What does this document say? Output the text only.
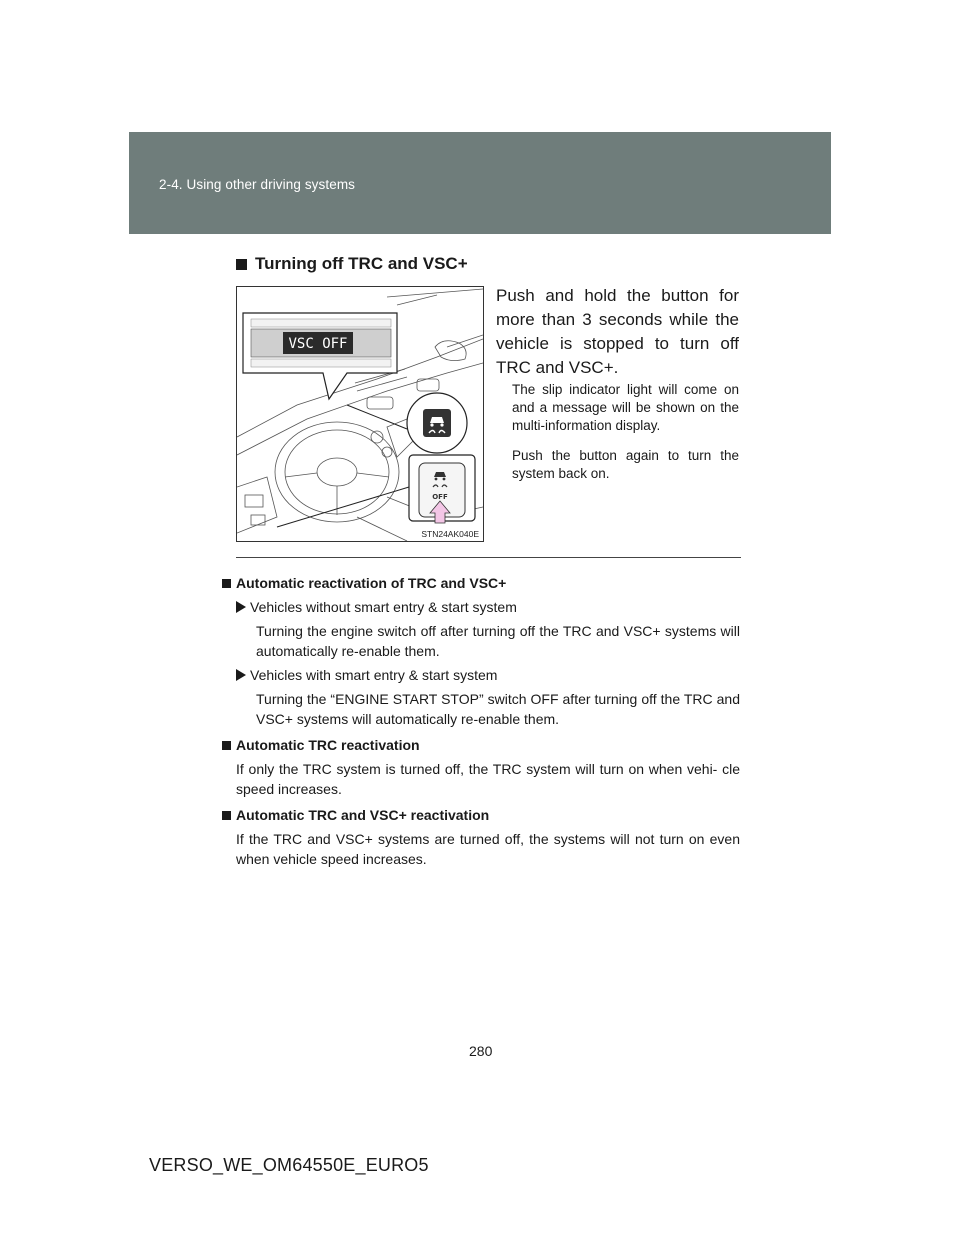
2-4. Using other driving systems
Turning off TRC and VSC+
VSC OFF
OFF
STN24AK040E
Push and hold the button for more than 3 seconds while the vehicle is stopped to turn off TRC and VSC+.
The slip indicator light will come on and a message will be shown on the multi-information display.
Push the button again to turn the system back on.
Automatic reactivation of TRC and VSC+
Vehicles without smart entry & start system
Turning the engine switch off after turning off the TRC and VSC+ systems will automatically re-enable them.
Vehicles with smart entry & start system
Turning the “ENGINE START STOP” switch OFF after turning off the TRC and VSC+ systems will automatically re-enable them.
Automatic TRC reactivation
If only the TRC system is turned off, the TRC system will turn on when vehi- cle speed increases.
Automatic TRC and VSC+ reactivation
If the TRC and VSC+ systems are turned off, the systems will not turn on even when vehicle speed increases.
280
VERSO_WE_OM64550E_EURO5
